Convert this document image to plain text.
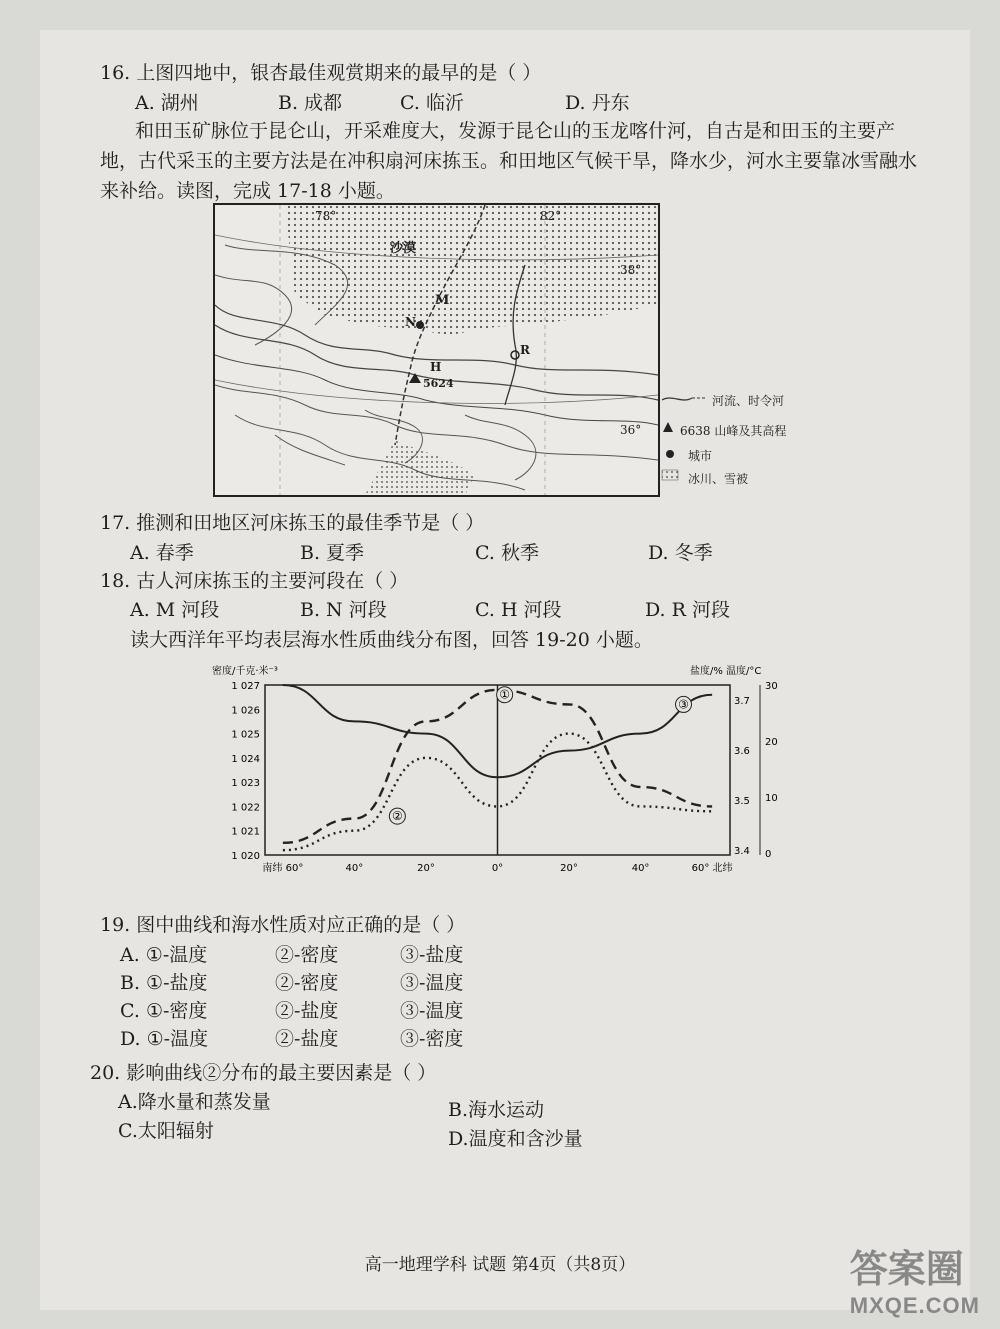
16. 上图四地中，银杏最佳观赏期来的最早的是（ ）
A. 湖州	B. 成都	C. 临沂	D. 丹东
和田玉矿脉位于昆仑山，开采难度大，发源于昆仑山的玉龙喀什河，自古是和田玉的主要产
地，古代采玉的主要方法是在冲积扇河床拣玉。和田地区气候干旱，降水少，河水主要靠冰雪融水
来补给。读图，完成 17-18 小题。
78°	82°
38°
36°
沙漠
M
N
H
R
5624
河流、时令河
6638 山峰及其高程
城市
冰川、雪被
17. 推测和田地区河床拣玉的最佳季节是（ ）
A. 春季	B. 夏季	C. 秋季	D. 冬季
18. 古人河床拣玉的主要河段在（ ）
A. M 河段	B. N 河段	C. H 河段	D. R 河段
读大西洋年平均表层海水性质曲线分布图，回答 19-20 小题。
密度/千克·米⁻³	盐度/% 温度/°C
1 027
1 026
1 025
1 024
1 023
1 022
1 021
1 020
3.7
3.6
3.5
3.4
30
20
10
0
南纬 60°	40°	20°	0°	20°	40°	60° 北纬
①
②
③
19. 图中曲线和海水性质对应正确的是（ ）
A. ①-温度	②-密度	③-盐度
B. ①-盐度	②-密度	③-温度
C. ①-密度	②-盐度	③-温度
D. ①-温度	②-盐度	③-密度
20. 影响曲线②分布的最主要因素是（ ）
A.降水量和蒸发量	B.海水运动
C.太阳辐射	D.温度和含沙量
高一地理学科 试题 第4页（共8页）	答案圈
MXQE.COM
